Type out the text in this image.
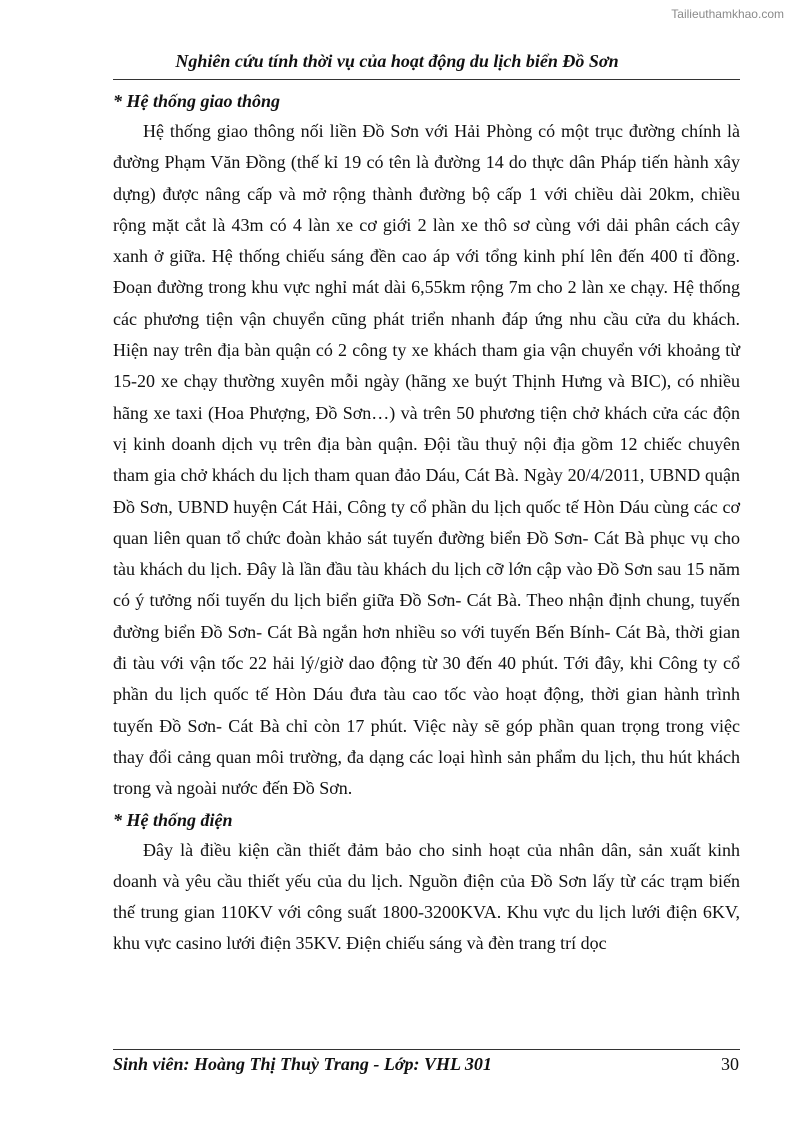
Tailieuthamkhao.com
Nghiên cứu tính thời vụ của hoạt động du lịch biển Đồ Sơn
* Hệ thống giao thông

Hệ thống giao thông nối liền Đồ Sơn với Hải Phòng có một trục đường chính là đường Phạm Văn Đồng (thế kỉ 19 có tên là đường 14 do thực dân Pháp tiến hành xây dựng) được nâng cấp và mở rộng thành đường bộ cấp 1 với chiều dài 20km, chiều rộng mặt cắt là 43m có 4 làn xe cơ giới 2 làn xe thô sơ cùng với dải phân cách cây xanh ở giữa. Hệ thống chiếu sáng đền cao áp với tổng kinh phí lên đến 400 tỉ đồng. Đoạn đường trong khu vực nghỉ mát dài 6,55km rộng 7m cho 2 làn xe chạy. Hệ thống các phương tiện vận chuyển cũng phát triển nhanh đáp ứng nhu cầu cửa du khách. Hiện nay trên địa bàn quận có 2 công ty xe khách tham gia vận chuyển với khoảng từ 15-20 xe chạy thường xuyên mỗi ngày (hãng xe buýt Thịnh Hưng và BIC), có nhiều hãng xe taxi (Hoa Phượng, Đồ Sơn…) và trên 50 phương tiện chở khách cửa các độn vị kinh doanh dịch vụ trên địa bàn quận. Đội tầu thuỷ nội địa gồm 12 chiếc chuyên tham gia chở khách du lịch tham quan đảo Dáu, Cát Bà. Ngày 20/4/2011, UBND quận Đồ Sơn, UBND huyện Cát Hải, Công ty cổ phần du lịch quốc tế Hòn Dáu cùng các cơ quan liên quan tổ chức đoàn khảo sát tuyến đường biển Đồ Sơn- Cát Bà phục vụ cho tàu khách du lịch. Đây là lần đầu tàu khách du lịch cỡ lớn cập vào Đồ Sơn sau 15 năm có ý tưởng nối tuyến du lịch biển giữa Đồ Sơn- Cát Bà. Theo nhận định chung, tuyến đường biển Đồ Sơn- Cát Bà ngắn hơn nhiều so với tuyến Bến Bính- Cát Bà, thời gian đi tàu với vận tốc 22 hải lý/giờ dao động từ 30 đến 40 phút. Tới đây, khi Công ty cổ phần du lịch quốc tế Hòn Dáu đưa tàu cao tốc vào hoạt động, thời gian hành trình tuyến Đồ Sơn- Cát Bà chỉ còn 17 phút. Việc này sẽ góp phần quan trọng trong việc thay đổi cảng quan môi trường, đa dạng các loại hình sản phẩm du lịch, thu hút khách trong và ngoài nước đến Đồ Sơn.

* Hệ thống điện

Đây là điều kiện cần thiết đảm bảo cho sinh hoạt của nhân dân, sản xuất kinh doanh và yêu cầu thiết yếu của du lịch. Nguồn điện của Đồ Sơn lấy từ các trạm biến thế trung gian 110KV với công suất 1800-3200KVA. Khu vực du lịch lưới điện 6KV, khu vực casino lưới điện 35KV. Điện chiếu sáng và đèn trang trí dọc

Sinh viên: Hoàng Thị Thuỳ Trang - Lớp: VHL 301	30
